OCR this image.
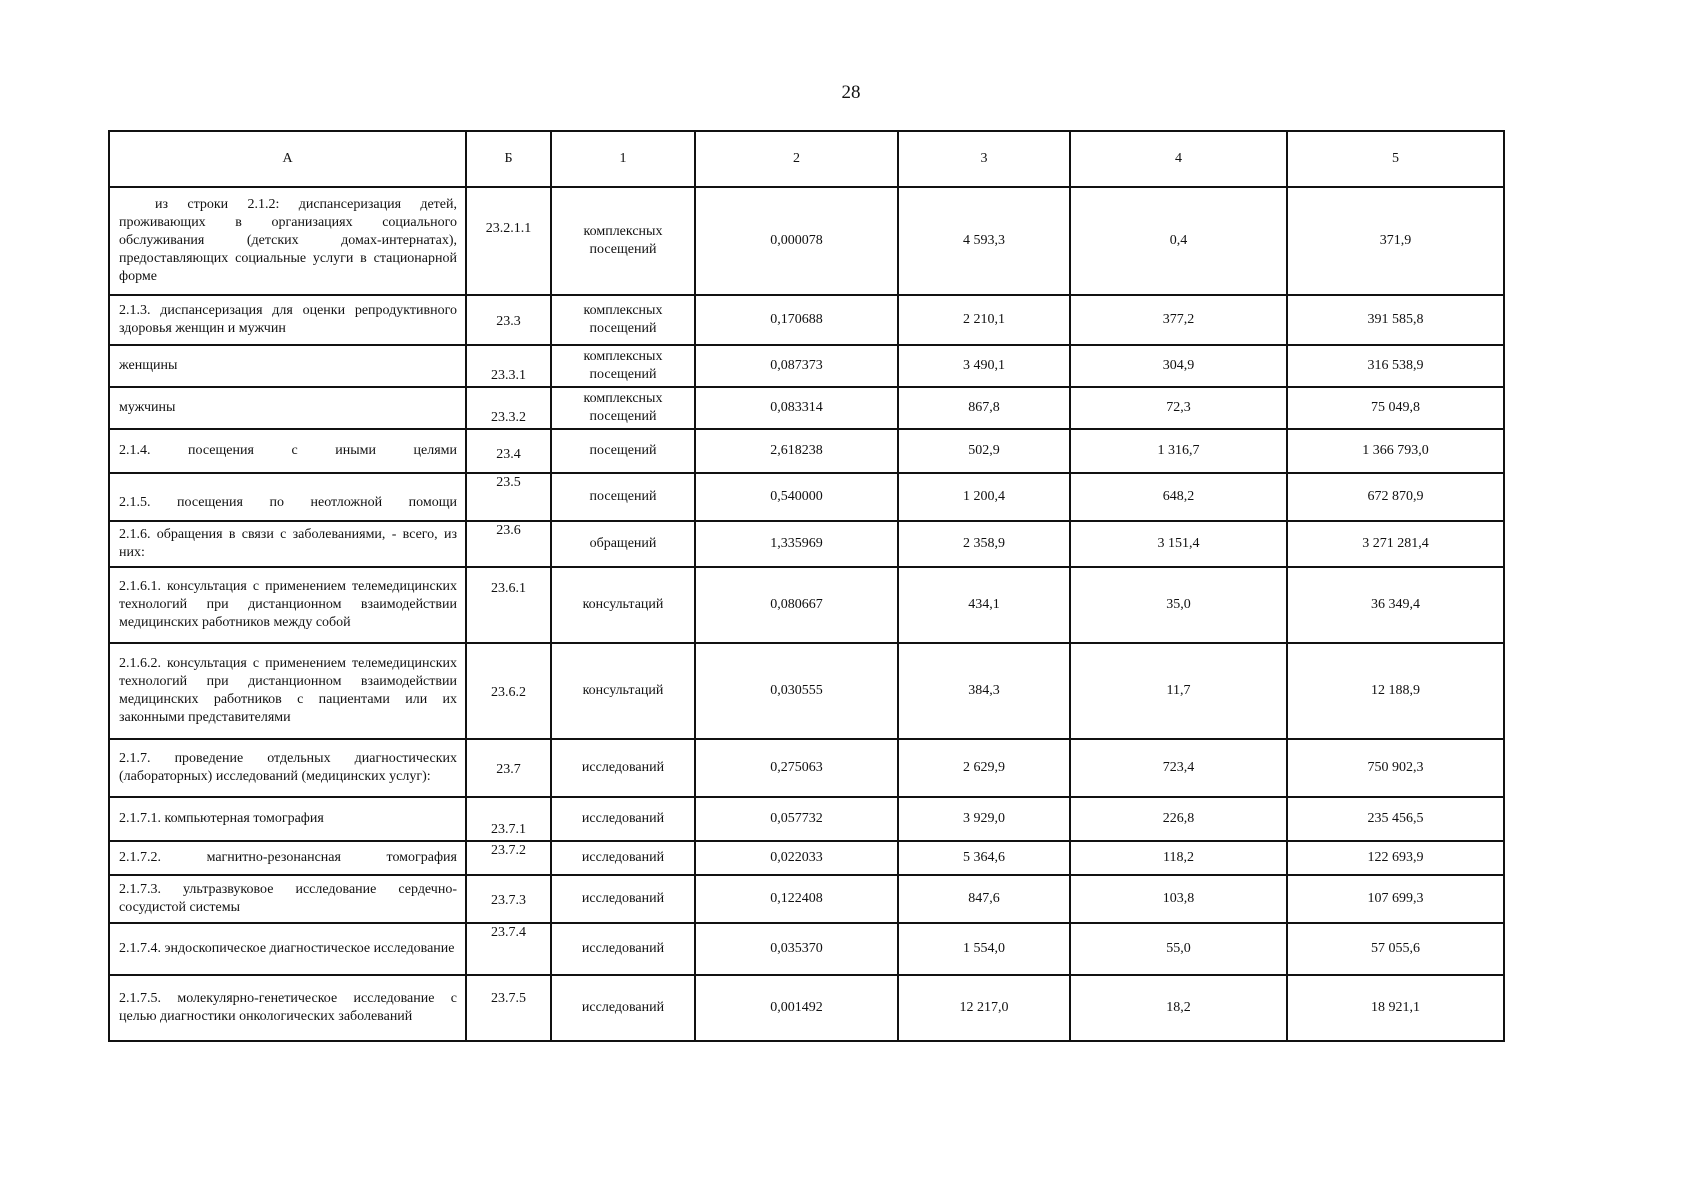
28
А	Б	1	2	3	4	5
из строки 2.1.2: диспансеризация детей, проживающих в организациях социального обслуживания (детских домах-интернатах), предоставляющих социальные услуги в стационарной форме	23.2.1.1	комплексных посещений	0,000078	4 593,3	0,4	371,9
2.1.3. диспансеризация для оценки репродуктивного здоровья женщин и мужчин	23.3	комплексных посещений	0,170688	2 210,1	377,2	391 585,8
женщины	23.3.1	комплексных посещений	0,087373	3 490,1	304,9	316 538,9
мужчины	23.3.2	комплексных посещений	0,083314	867,8	72,3	75 049,8
2.1.4. посещения с иными целями	23.4	посещений	2,618238	502,9	1 316,7	1 366 793,0
2.1.5. посещения по неотложной помощи	23.5	посещений	0,540000	1 200,4	648,2	672 870,9
2.1.6. обращения в связи с заболеваниями, - всего, из них:	23.6	обращений	1,335969	2 358,9	3 151,4	3 271 281,4
2.1.6.1. консультация с применением телемедицинских технологий при дистанционном взаимодействии медицинских работников между собой	23.6.1	консультаций	0,080667	434,1	35,0	36 349,4
2.1.6.2. консультация с применением телемедицинских технологий при дистанционном взаимодействии медицинских работников с пациентами или их законными представителями	23.6.2	консультаций	0,030555	384,3	11,7	12 188,9
2.1.7. проведение отдельных диагностических (лабораторных) исследований (медицинских услуг):	23.7	исследований	0,275063	2 629,9	723,4	750 902,3
2.1.7.1. компьютерная томография	23.7.1	исследований	0,057732	3 929,0	226,8	235 456,5
2.1.7.2. магнитно-резонансная томография	23.7.2	исследований	0,022033	5 364,6	118,2	122 693,9
2.1.7.3. ультразвуковое исследование сердечно-сосудистой системы	23.7.3	исследований	0,122408	847,6	103,8	107 699,3
2.1.7.4. эндоскопическое диагностическое исследование	23.7.4	исследований	0,035370	1 554,0	55,0	57 055,6
2.1.7.5. молекулярно-генетическое исследование с целью диагностики онкологических заболеваний	23.7.5	исследований	0,001492	12 217,0	18,2	18 921,1
